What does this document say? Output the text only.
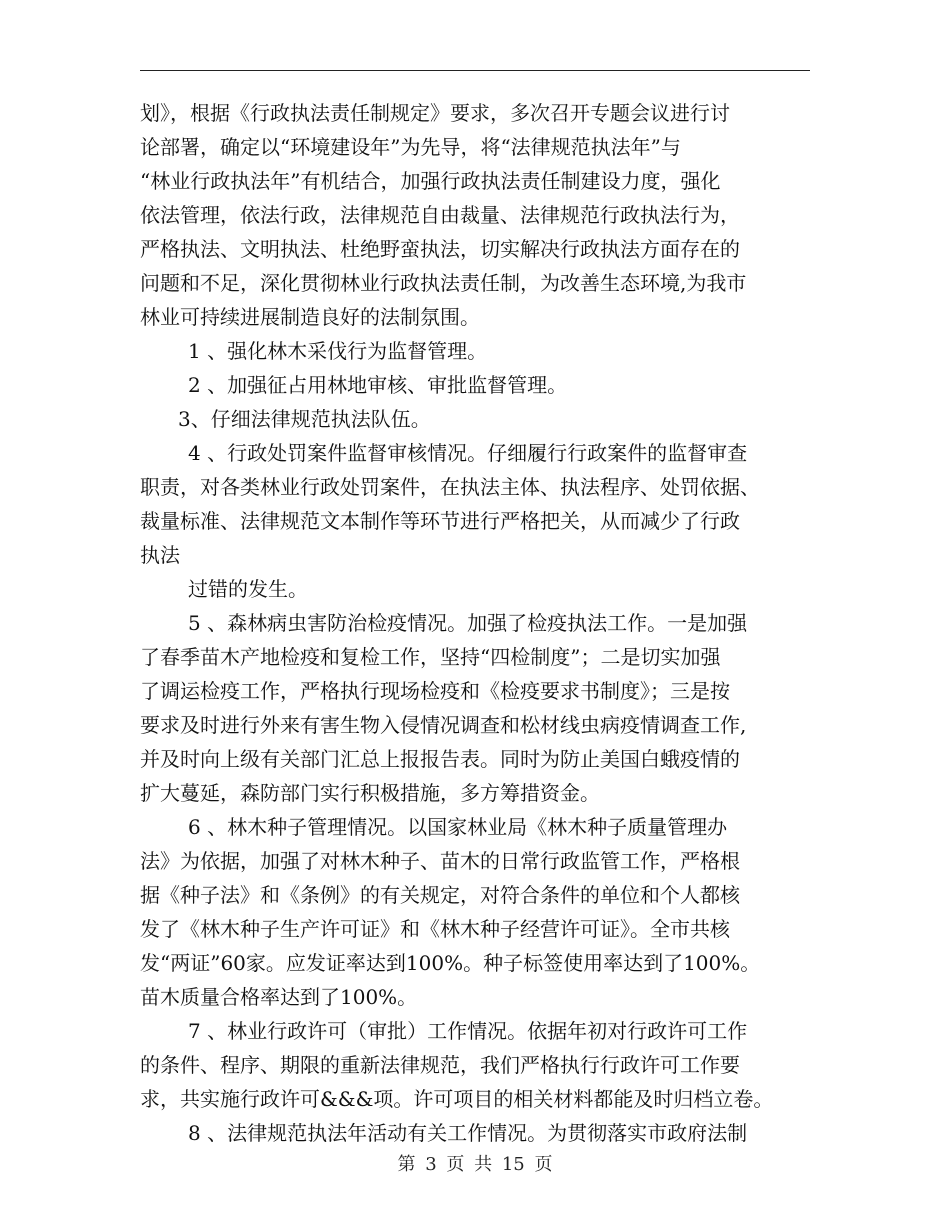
划》，根据《行政执法责任制规定》要求，多次召开专题会议进行讨
论部署，确定以“环境建设年”为先导，将“法律规范执法年”与
“林业行政执法年”有机结合，加强行政执法责任制建设力度，强化
依法管理，依法行政，法律规范自由裁量、法律规范行政执法行为，
严格执法、文明执法、杜绝野蛮执法，切实解决行政执法方面存在的
问题和不足，深化贯彻林业行政执法责任制，为改善生态环境,为我市
林业可持续进展制造良好的法制氛围。
1 、强化林木采伐行为监督管理。
2 、加强征占用林地审核、审批监督管理。
3、仔细法律规范执法队伍。
4 、行政处罚案件监督审核情况。仔细履行行政案件的监督审查
职责，对各类林业行政处罚案件，在执法主体、执法程序、处罚依据、
裁量标准、法律规范文本制作等环节进行严格把关，从而减少了行政
执法
过错的发生。
5 、森林病虫害防治检疫情况。加强了检疫执法工作。一是加强
了春季苗木产地检疫和复检工作，坚持“四检制度”；二是切实加强
了调运检疫工作，严格执行现场检疫和《检疫要求书制度》；三是按
要求及时进行外来有害生物入侵情况调查和松材线虫病疫情调查工作,
并及时向上级有关部门汇总上报报告表。同时为防止美国白蛾疫情的
扩大蔓延，森防部门实行积极措施，多方筹措资金。
6 、林木种子管理情况。以国家林业局《林木种子质量管理办
法》为依据，加强了对林木种子、苗木的日常行政监管工作，严格根
据《种子法》和《条例》的有关规定，对符合条件的单位和个人都核
发了《林木种子生产许可证》和《林木种子经营许可证》。全市共核
发“两证”60家。应发证率达到100%。种子标签使用率达到了100%。
苗木质量合格率达到了100%。
7 、林业行政许可（审批）工作情况。依据年初对行政许可工作
的条件、程序、期限的重新法律规范，我们严格执行行政许可工作要
求，共实施行政许可&&&项。许可项目的相关材料都能及时归档立卷。
8 、法律规范执法年活动有关工作情况。为贯彻落实市政府法制
第 3 页 共 15 页
